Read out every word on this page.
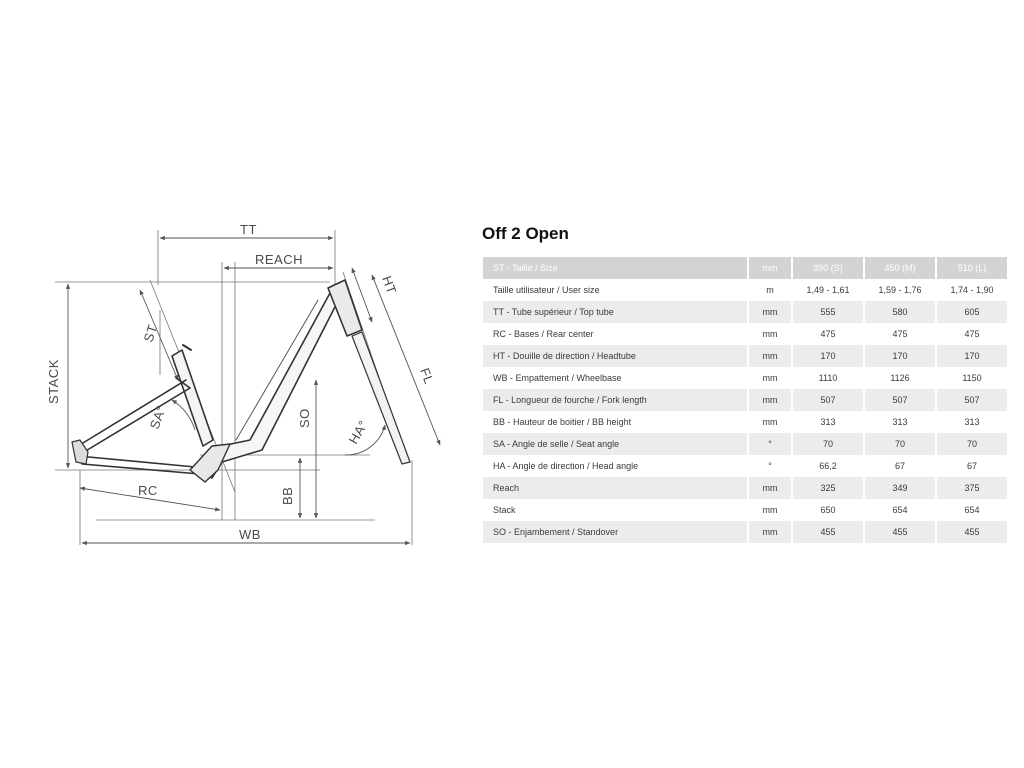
TT
REACH
STACK
ST
HT
FL
SO
SA°
HA°
RC	BB
WB
Off 2 Open
ST - Taille / Size	mm	390 (S)	450 (M)	510 (L)
Taille utilisateur / User size	m	1,49 - 1,61	1,59 - 1,76	1,74 - 1,90
TT - Tube supérieur / Top tube	mm	555	580	605
RC - Bases / Rear center	mm	475	475	475
HT - Douille de direction / Headtube	mm	170	170	170
WB - Empattement / Wheelbase	mm	1110	1126	1150
FL - Longueur de fourche / Fork length	mm	507	507	507
BB - Hauteur de boitier / BB height	mm	313	313	313
SA - Angle de selle / Seat angle	°	70	70	70
HA - Angle de direction / Head angle	°	66,2	67	67
Reach	mm	325	349	375
Stack	mm	650	654	654
SO - Enjambement / Standover	mm	455	455	455
